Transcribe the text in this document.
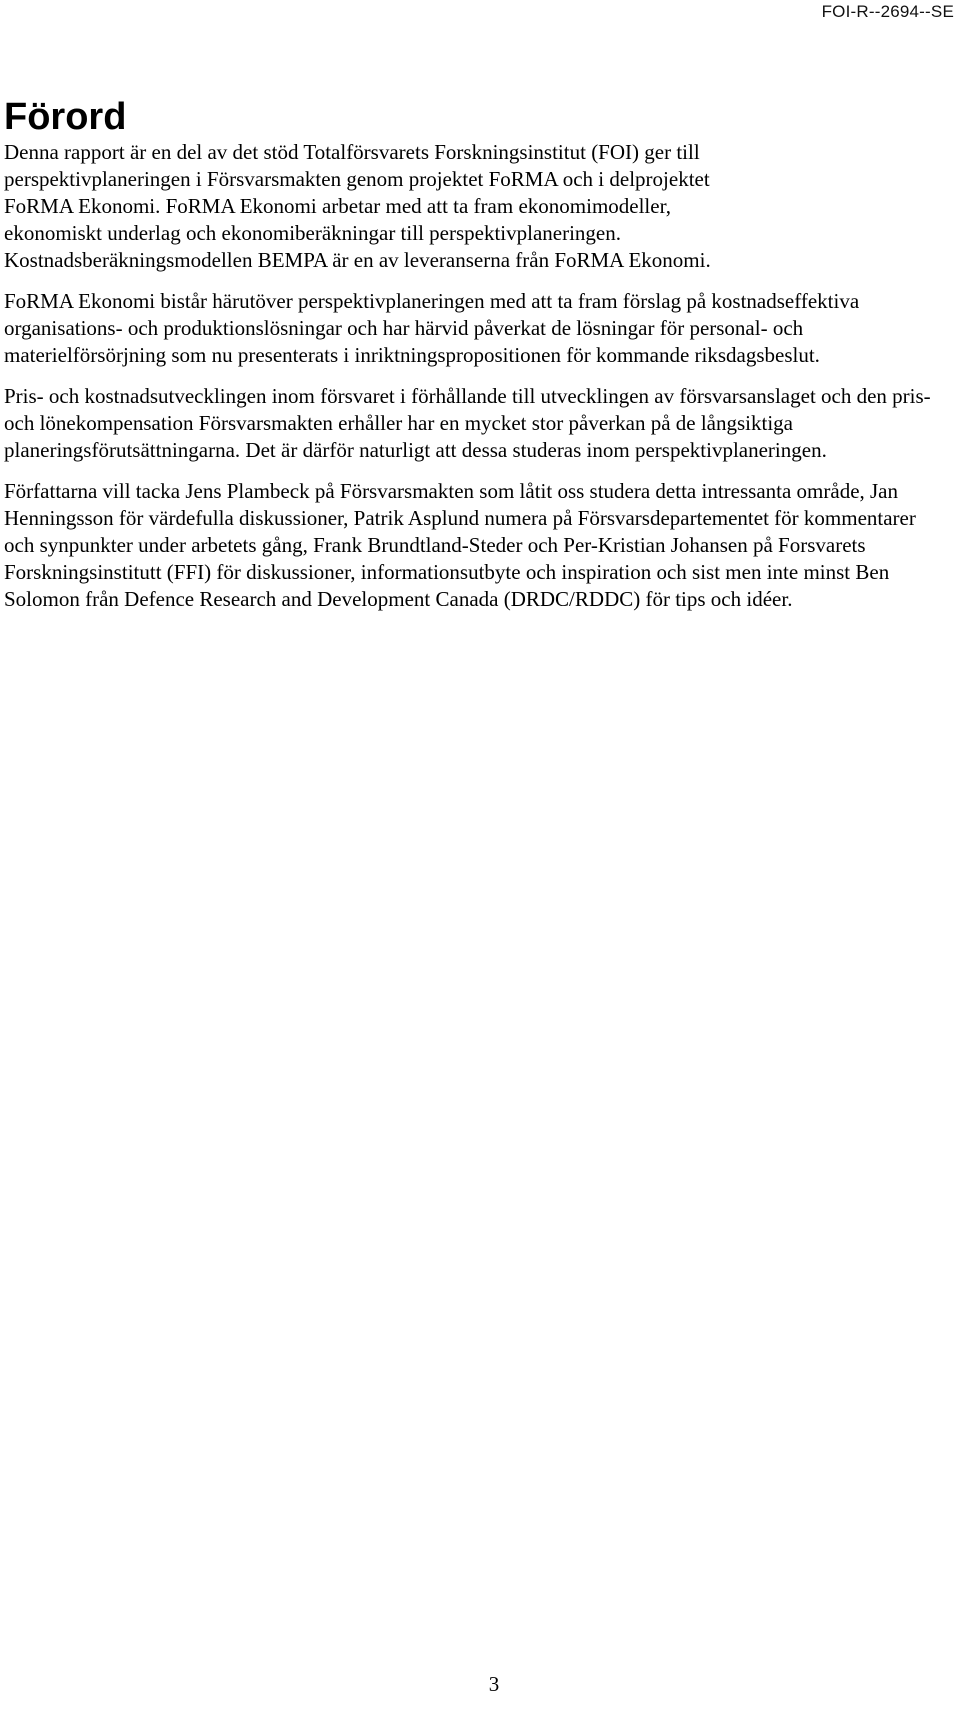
FOI-R--2694--SE
Förord

Denna rapport är en del av det stöd Totalförsvarets Forskningsinstitut (FOI) ger till perspektivplaneringen i Försvarsmakten genom projektet FoRMA och i delprojektet FoRMA Ekonomi. FoRMA Ekonomi arbetar med att ta fram ekonomimodeller, ekonomiskt underlag och ekonomiberäkningar till perspektivplaneringen. Kostnadsberäkningsmodellen BEMPA är en av leveranserna från FoRMA Ekonomi.

FoRMA Ekonomi bistår härutöver perspektivplaneringen med att ta fram förslag på kostnadseffektiva organisations- och produktionslösningar och har härvid påverkat de lösningar för personal- och materielförsörjning som nu presenterats i inriktningspropositionen för kommande riksdagsbeslut.

Pris- och kostnadsutvecklingen inom försvaret i förhållande till utvecklingen av försvarsanslaget och den pris- och lönekompensation Försvarsmakten erhåller har en mycket stor påverkan på de långsiktiga planeringsförutsättningarna. Det är därför naturligt att dessa studeras inom perspektivplaneringen.

Författarna vill tacka Jens Plambeck på Försvarsmakten som låtit oss studera detta intressanta område, Jan Henningsson för värdefulla diskussioner, Patrik Asplund numera på Försvarsdepartementet för kommentarer och synpunkter under arbetets gång, Frank Brundtland-Steder och Per-Kristian Johansen på Forsvarets Forskningsinstitutt (FFI) för diskussioner, informationsutbyte och inspiration och sist men inte minst Ben Solomon från Defence Research and Development Canada (DRDC/RDDC) för tips och idéer.

3
